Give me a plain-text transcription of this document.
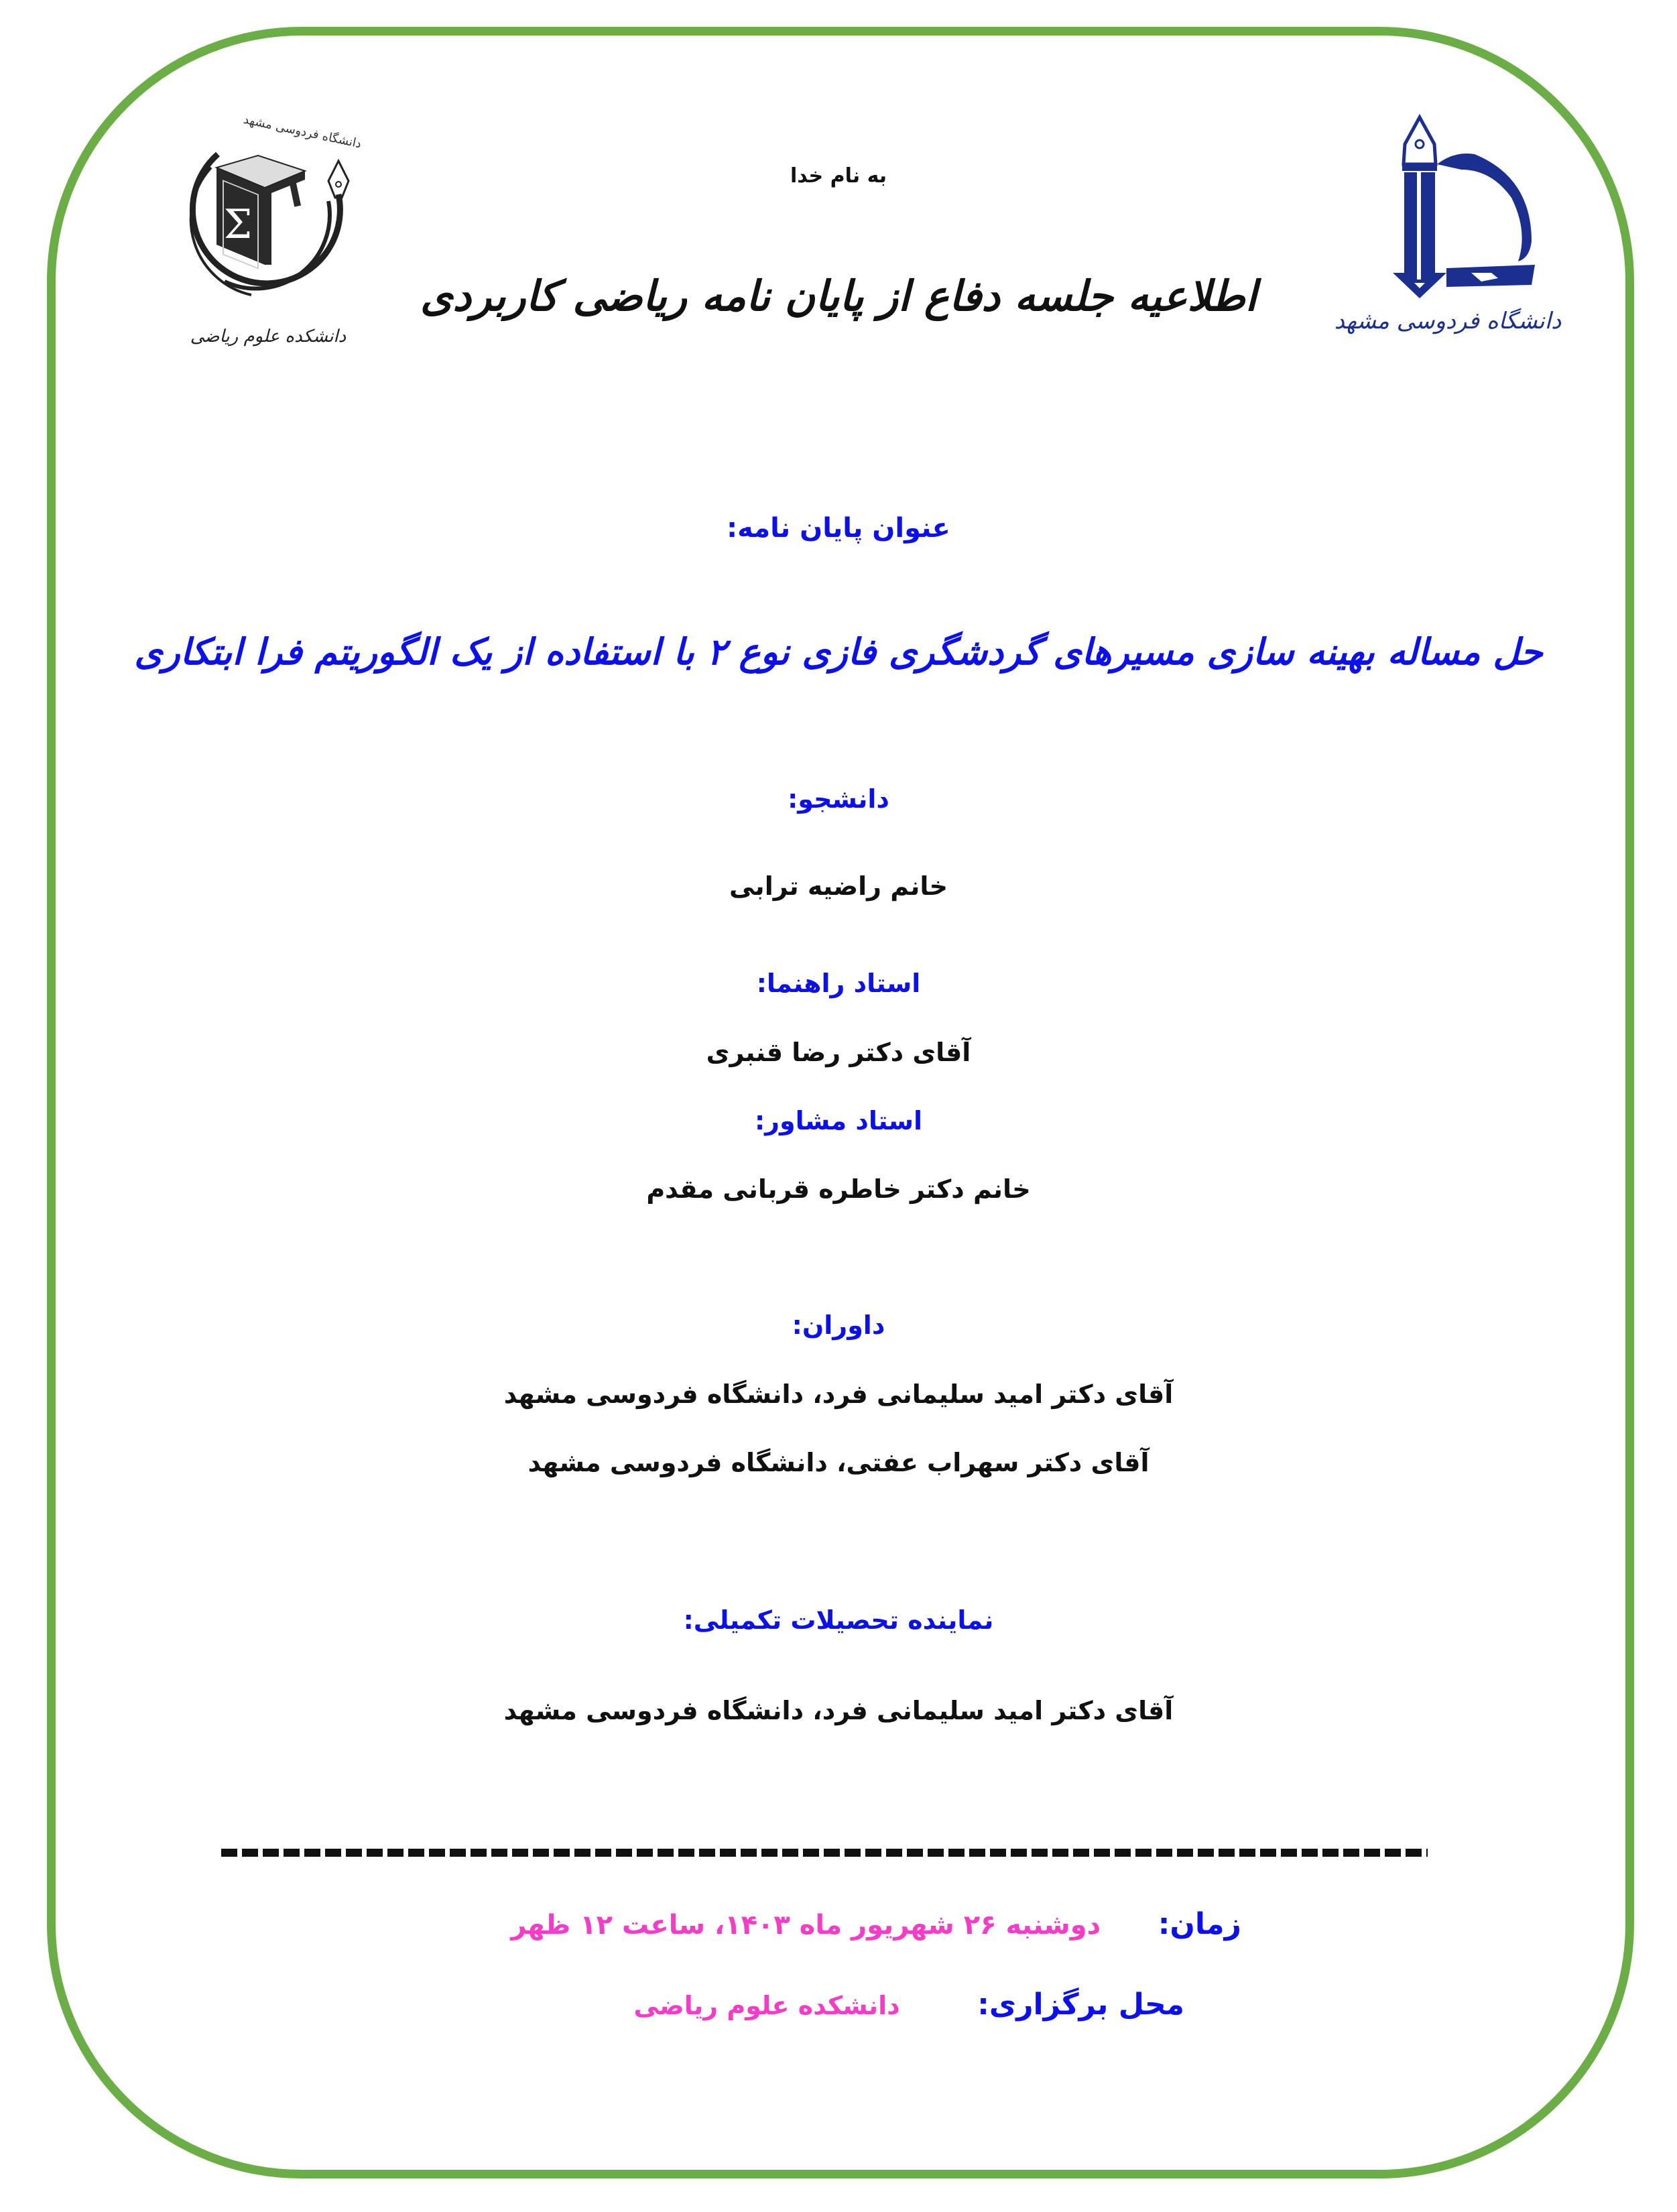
دانشگاه فردوسی مشهد
Σ
دانشکده علوم ریاضی
دانشگاه فردوسی مشهد
به نام خدا
اطلاعیه جلسه دفاع از پایان نامه ریاضی کاربردی
عنوان پایان نامه:
حل مساله بهینه سازی مسیرهای گردشگری فازی نوع ۲ با استفاده از یک الگوریتم فرا ابتکاری
دانشجو:
خانم راضیه ترابی
استاد راهنما:
آقای دکتر رضا قنبری
استاد مشاور:
خانم دکتر خاطره قربانی مقدم
داوران:
آقای دکتر امید سلیمانی فرد، دانشگاه فردوسی مشهد
آقای دکتر سهراب عفتی، دانشگاه فردوسی مشهد
نماینده تحصیلات تکمیلی:
آقای دکتر امید سلیمانی فرد، دانشگاه فردوسی مشهد
زمان: دوشنبه ۲۶ شهریور ماه ۱۴۰۳، ساعت ۱۲ ظهر
محل برگزاری: دانشکده علوم ریاضی
